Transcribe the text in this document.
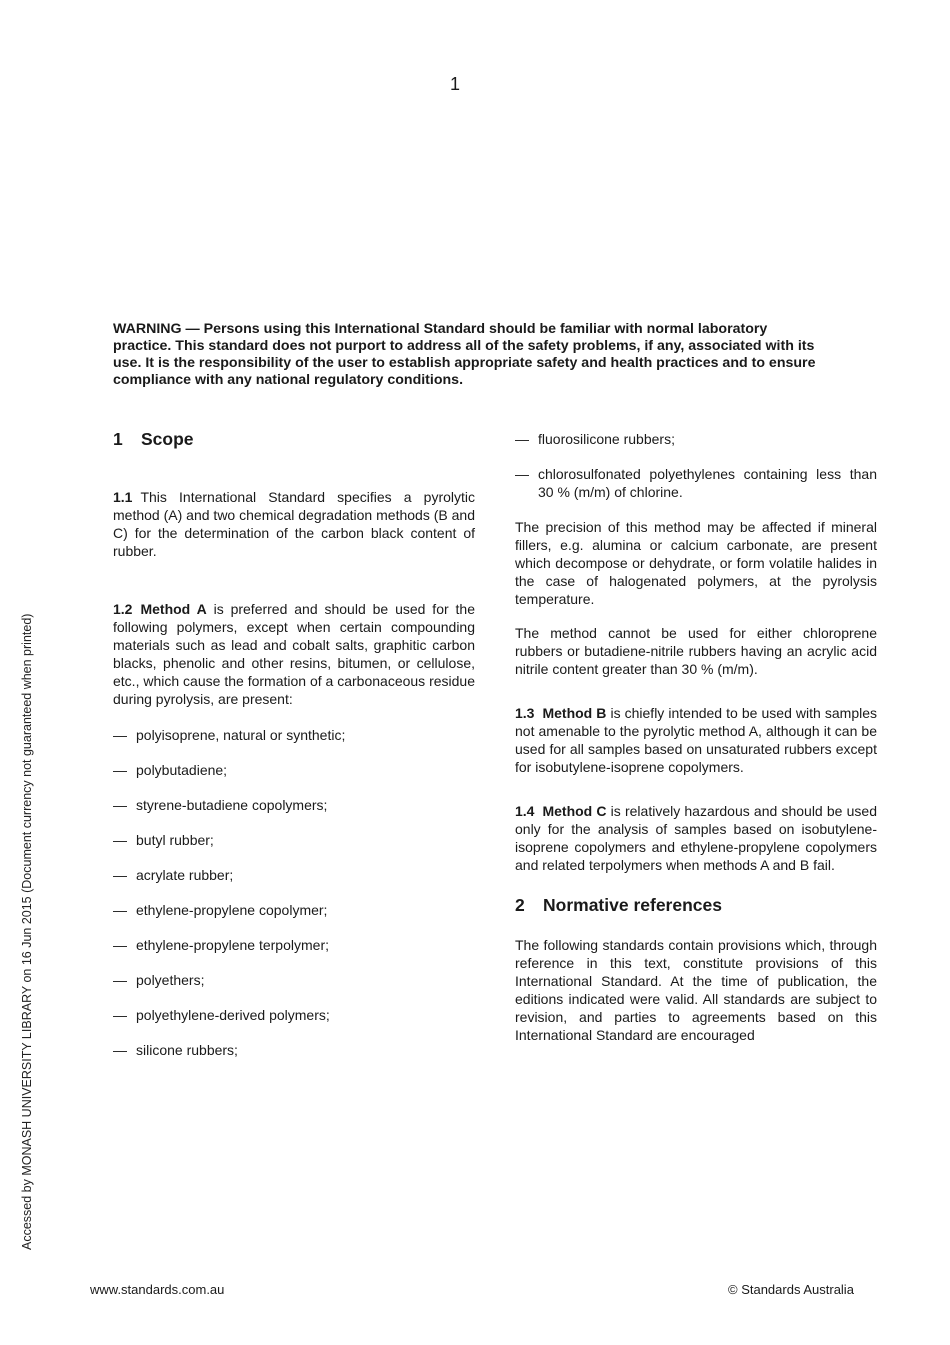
1
Accessed by MONASH UNIVERSITY LIBRARY on 16 Jun 2015 (Document currency not guaranteed when printed)

WARNING — Persons using this International Standard should be familiar with normal laboratory practice. This standard does not purport to address all of the safety problems, if any, associated with its use. It is the responsibility of the user to establish appropriate safety and health practices and to ensure compliance with any national regulatory conditions.

1 Scope

1.1 This International Standard specifies a pyrolytic method (A) and two chemical degradation methods (B and C) for the determination of the carbon black content of rubber.

1.2 Method A is preferred and should be used for the following polymers, except when certain compounding materials such as lead and cobalt salts, graphitic carbon blacks, phenolic and other resins, bitumen, or cellulose, etc., which cause the formation of a carbonaceous residue during pyrolysis, are present:

— polyisoprene, natural or synthetic;
— polybutadiene;
— styrene-butadiene copolymers;
— butyl rubber;
— acrylate rubber;
— ethylene-propylene copolymer;
— ethylene-propylene terpolymer;
— polyethers;
— polyethylene-derived polymers;
— silicone rubbers;
— fluorosilicone rubbers;
— chlorosulfonated polyethylenes containing less than 30 % (m/m) of chlorine.

The precision of this method may be affected if mineral fillers, e.g. alumina or calcium carbonate, are present which decompose or dehydrate, or form volatile halides in the case of halogenated polymers, at the pyrolysis temperature.

The method cannot be used for either chloroprene rubbers or butadiene-nitrile rubbers having an acrylic acid nitrile content greater than 30 % (m/m).

1.3 Method B is chiefly intended to be used with samples not amenable to the pyrolytic method A, although it can be used for all samples based on unsaturated rubbers except for isobutylene-isoprene copolymers.

1.4 Method C is relatively hazardous and should be used only for the analysis of samples based on isobutylene-isoprene copolymers and ethylene-propylene copolymers and related terpolymers when methods A and B fail.

2 Normative references

The following standards contain provisions which, through reference in this text, constitute provisions of this International Standard. At the time of publication, the editions indicated were valid. All standards are subject to revision, and parties to agreements based on this International Standard are encouraged

www.standards.com.au	© Standards Australia
